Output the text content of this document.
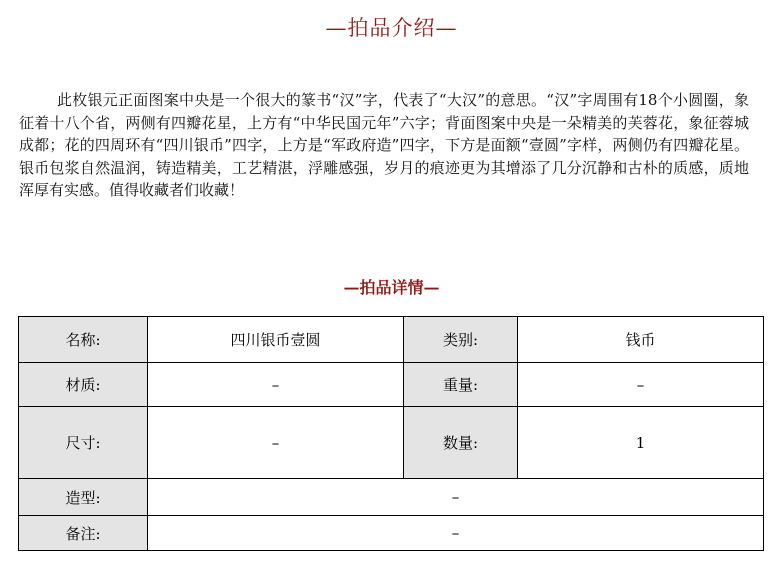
—拍品介绍—

此枚银元正面图案中央是一个很大的篆书“汉”字，代表了“大汉”的意思。“汉”字周围有18个小圆圈，象征着十八个省，两侧有四瓣花星，上方有“中华民国元年”六字；背面图案中央是一朵精美的芙蓉花，象征蓉城成都；花的四周环有“四川银币”四字，上方是“军政府造”四字，下方是面额“壹圆”字样，两侧仍有四瓣花星。银币包浆自然温润，铸造精美，工艺精湛，浮雕感强，岁月的痕迹更为其增添了几分沉静和古朴的质感，质地浑厚有实感。值得收藏者们收藏！

—拍品详情—
名称:	四川银币壹圆	类别:	钱币
材质:	–	重量:	–
尺寸:	–	数量:	1
造型:	–		
备注:	–		
